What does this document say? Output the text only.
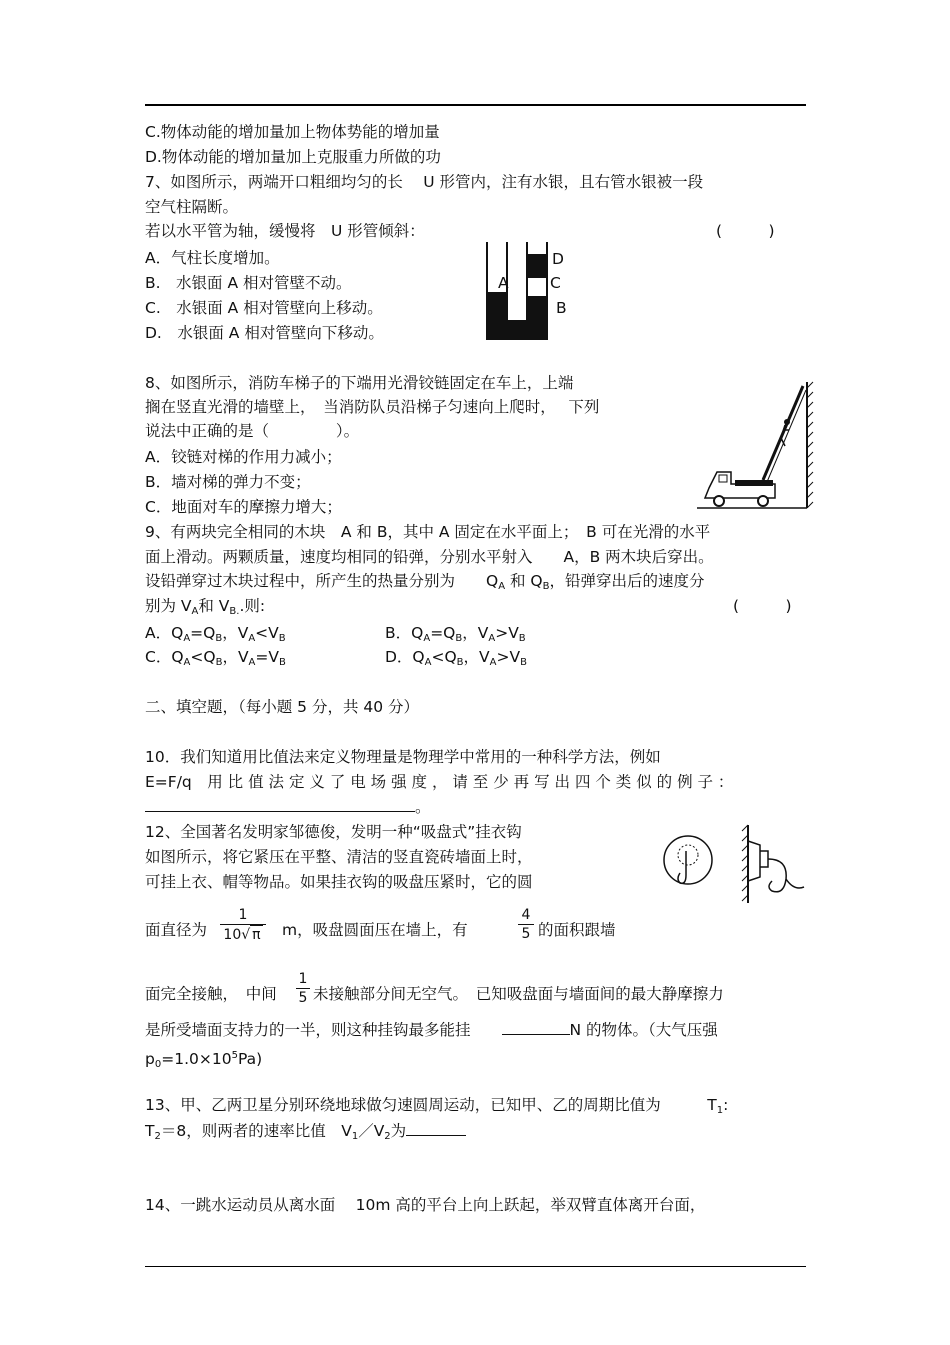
C.物体动能的增加量加上物体势能的增加量
D.物体动能的增加量加上克服重力所做的功
7、如图所示，两端开口粗细均匀的长　 U 形管内，注有水银，且右管水银被一段
空气柱隔断。
若以水平管为轴，缓慢将　U 形管倾斜：	(　　　)
A．气柱长度增加。
B.　水银面 A 相对管壁不动。
C.　水银面 A 相对管壁向上移动。
D.　水银面 A 相对管壁向下移动。
D
A	C
B
8、如图所示，消防车梯子的下端用光滑铰链固定在车上，上端
搁在竖直光滑的墙壁上，　当消防队员沿梯子匀速向上爬时，　 下列
说法中正确的是（　　　　 ）。
A．铰链对梯的作用力减小；
B．墙对梯的弹力不变；
C．地面对车的摩擦力增大；
9、有两块完全相同的木块　A 和 B，其中 A 固定在水平面上；　B 可在光滑的水平
面上滑动。两颗质量，速度均相同的铅弹，分别水平射入　　A，B 两木块后穿出。
设铅弹穿过木块过程中，所产生的热量分别为　　$Q_A$ 和 $Q_B$，铅弹穿出后的速度分
别为 $V_A$和 $V_{B.}$.则:	(　　　)
A．$Q_A=Q_B$，$V_A<V_B$	B．$Q_A=Q_B$，$V_A>V_B$
C．$Q_A<Q_B$，$V_A=V_B$	D．$Q_A<Q_B$，$V_A>V_B$
二、填空题，（每小题 5 分，共 40 分）
10．我们知道用比值法来定义物理量是物理学中常用的一种科学方法，例如
E=F/q　用 比 值 法 定 义 了 电 场 强 度 ， 请 至 少 再 写 出 四 个 类 似 的 例 子 ：
。
12、全国著名发明家邹德俊，发明一种“吸盘式”挂衣钩
如图所示，将它紧压在平整、清洁的竖直瓷砖墙面上时，
可挂上衣、帽等物品。如果挂衣钩的吸盘压紧时，它的圆
面直径为
1
10√ π	m，吸盘圆面压在墙上，有
4
5 的面积跟墙
面完全接触，　中间
1
5 未接触部分间无空气。　已知吸盘面与墙面间的最大静摩擦力
是所受墙面支持力的一半，则这种挂钩最多能挂　　	N 的物体。（大气压强
$p_0=1.0\times 10^5Pa$)
13、甲、乙两卫星分别环绕地球做匀速圆周运动，已知甲、乙的周期比值为　　　$T_1$:
$T_2=8$，则两者的速率比值　$V_1/V_2$为
14、一跳水运动员从离水面　 10m 高的平台上向上跃起，举双臂直体离开台面，
